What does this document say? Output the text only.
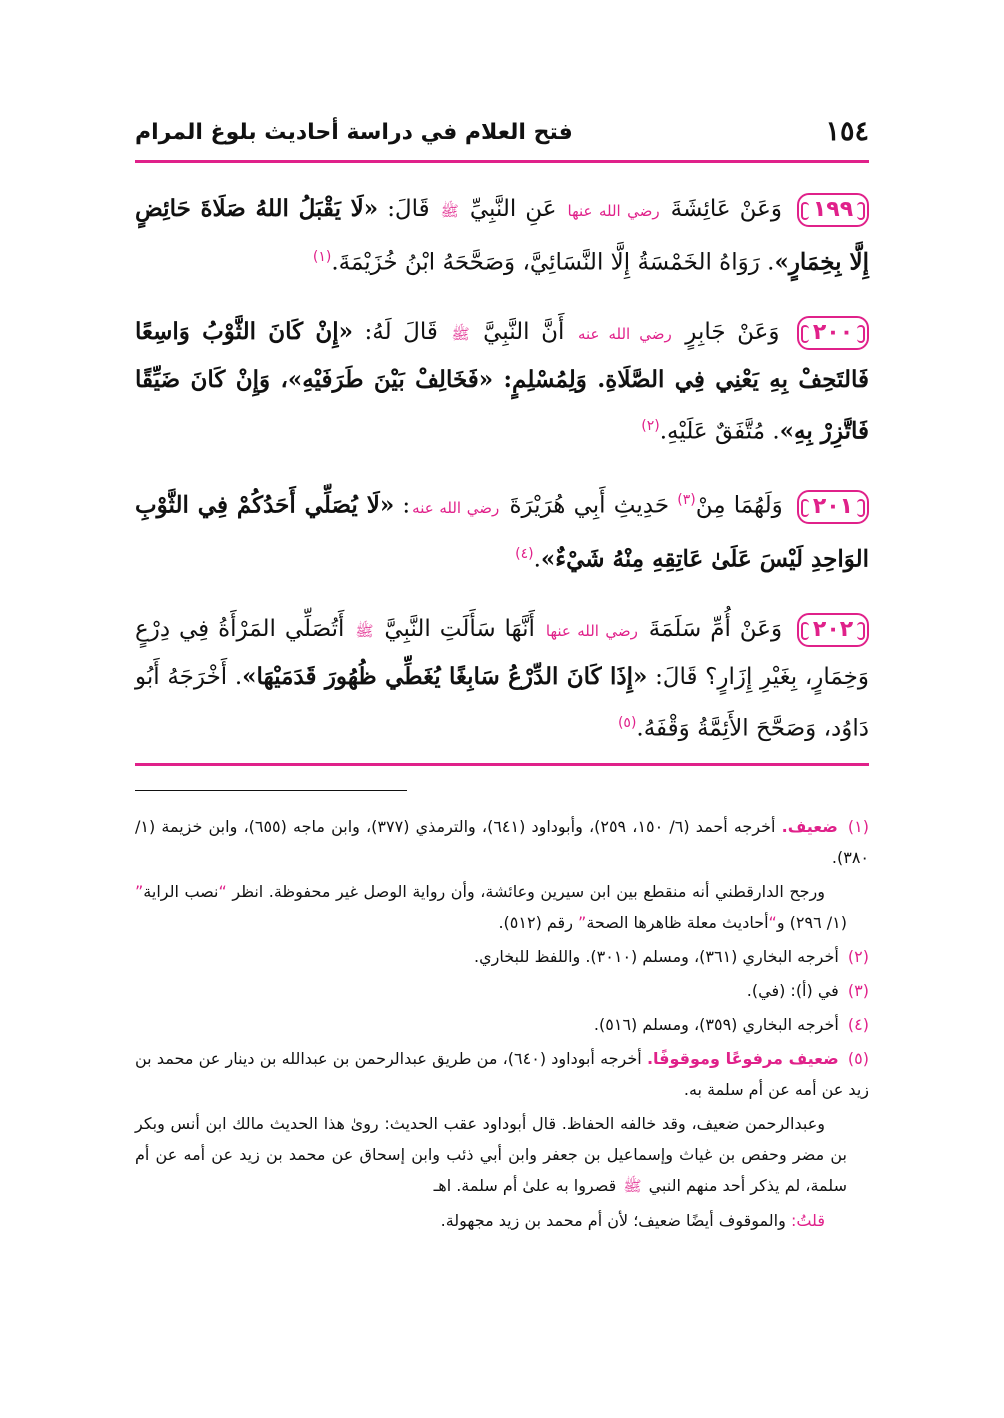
١٥٤
فتح العلام في دراسة أحاديث بلوغ المرام

١٩٩ وَعَنْ عَائِشَةَ رضي الله عنها عَنِ النَّبِيِّ ﷺ قَالَ: «لَا يَقْبَلُ اللهُ صَلَاةَ حَائِضٍ إِلَّا بِخِمَارٍ». رَوَاهُ الخَمْسَةُ إِلَّا النَّسَائِيَّ، وَصَحَّحَهُ ابْنُ خُزَيْمَةَ.$^{(١)}$

٢٠٠ وَعَنْ جَابِرٍ رضي الله عنه أَنَّ النَّبِيَّ ﷺ قَالَ لَهُ: «إِنْ كَانَ الثَّوْبُ وَاسِعًا فَالتَحِفْ بِهِ يَعْنِي فِي الصَّلَاةِ. وَلِمُسْلِمٍ: «فَخَالِفْ بَيْنَ طَرَفَيْهِ»، وَإِنْ كَانَ ضَيِّقًا فَاتَّزِرْ بِهِ». مُتَّفَقٌ عَلَيْهِ.$^{(٢)}$

٢٠١ وَلَهُمَا مِنْ$^{(٣)}$ حَدِيثِ أَبِي هُرَيْرَةَ رضي الله عنه: «لَا يُصَلِّي أَحَدُكُمْ فِي الثَّوْبِ الوَاحِدِ لَيْسَ عَلَىٰ عَاتِقِهِ مِنْهُ شَيْءٌ».$^{(٤)}$

٢٠٢ وَعَنْ أُمِّ سَلَمَةَ رضي الله عنها أَنَّهَا سَأَلَتِ النَّبِيَّ ﷺ أَتُصَلِّي المَرْأَةُ فِي دِرْعٍ وَخِمَارٍ، بِغَيْرِ إِزَارٍ؟ قَالَ: «إِذَا كَانَ الدِّرْعُ سَابِغًا يُغَطِّي ظُهُورَ قَدَمَيْهَا». أَخْرَجَهُ أَبُو دَاوُد، وَصَحَّحَ الأَئِمَّةُ وَقْفَهُ.$^{(٥)}$

(١) ضعيف. أخرجه أحمد (٦/ ١٥٠، ٢٥٩)، وأبوداود (٦٤١)، والترمذي (٣٧٧)، وابن ماجه (٦٥٥)، وابن خزيمة (١/ ٣٨٠).
ورجح الدارقطني أنه منقطع بين ابن سيرين وعائشة، وأن رواية الوصل غير محفوظة. انظر “نصب الراية” (١/ ٢٩٦) و“أحاديث معلة ظاهرها الصحة” رقم (٥١٢).
(٢) أخرجه البخاري (٣٦١)، ومسلم (٣٠١٠). واللفظ للبخاري.
(٣) في (أ): (في).
(٤) أخرجه البخاري (٣٥٩)، ومسلم (٥١٦).
(٥) ضعيف مرفوعًا وموقوفًا. أخرجه أبوداود (٦٤٠)، من طريق عبدالرحمن بن عبدالله بن دينار عن محمد بن زيد عن أمه عن أم سلمة به.
وعبدالرحمن ضعيف، وقد خالفه الحفاظ. قال أبوداود عقب الحديث: روىٰ هذا الحديث مالك ابن أنس وبكر بن مضر وحفص بن غياث وإسماعيل بن جعفر وابن أبي ذئب وابن إسحاق عن محمد بن زيد عن أمه عن أم سلمة، لم يذكر أحد منهم النبي ﷺ قصروا به علىٰ أم سلمة. اهـ
قلتُ: والموقوف أيضًا ضعيف؛ لأن أم محمد بن زيد مجهولة.
